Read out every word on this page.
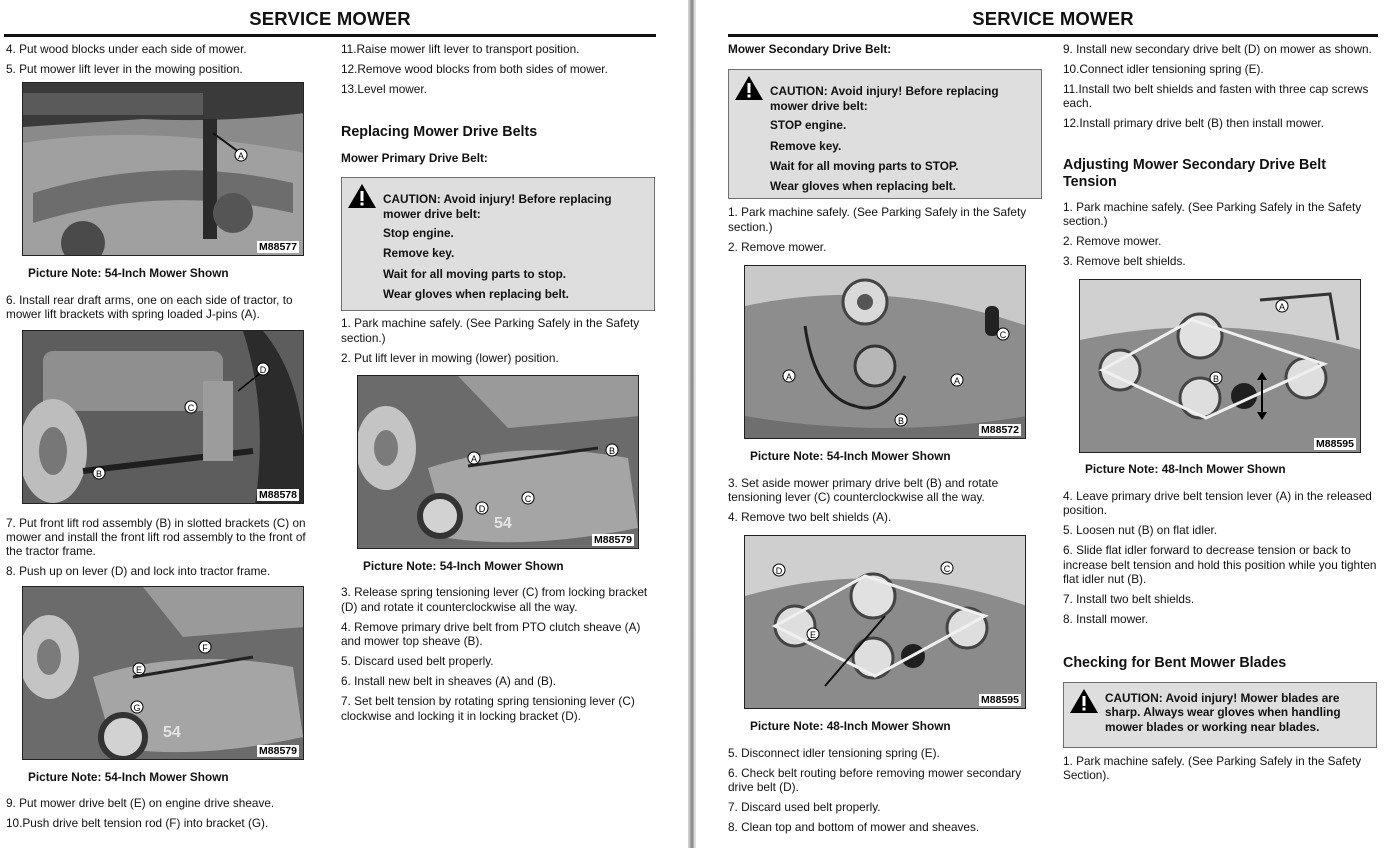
SERVICE MOWER

4. Put wood blocks under each side of mower.

5. Put mower lift lever in the mowing position.

A
M88577

Picture Note: 54-Inch Mower Shown

6. Install rear draft arms, one on each side of tractor, to mower lift brackets with spring loaded J-pins (A).

D
C
B
M88578

7. Put front lift rod assembly (B) in slotted brackets (C) on mower and install the front lift rod assembly to the front of the tractor frame.

8. Push up on lever (D) and lock into tractor frame.

54
F
E
G
M88579

Picture Note: 54-Inch Mower Shown

9. Put mower drive belt (E) on engine drive sheave.

10.Push drive belt tension rod (F) into bracket (G).

11.Raise mower lift lever to transport position.

12.Remove wood blocks from both sides of mower.

13.Level mower.

Replacing Mower Drive Belts

Mower Primary Drive Belt:

CAUTION: Avoid injury! Before replacing mower drive belt:

Stop engine.

Remove key.

Wait for all moving parts to stop.

Wear gloves when replacing belt.

1. Park machine safely. (See Parking Safely in the Safety section.)

2. Put lift lever in mowing (lower) position.

54
A
B
C
D
M88579

Picture Note: 54-Inch Mower Shown

3. Release spring tensioning lever (C) from locking bracket (D) and rotate it counterclockwise all the way.

4. Remove primary drive belt from PTO clutch sheave (A) and mower top sheave (B).

5. Discard used belt properly.

6. Install new belt in sheaves (A) and (B).

7. Set belt tension by rotating spring tensioning lever (C) clockwise and locking it in locking bracket (D).

SERVICE MOWER

Mower Secondary Drive Belt:

CAUTION: Avoid injury! Before replacing mower drive belt:

STOP engine.

Remove key.

Wait for all moving parts to STOP.

Wear gloves when replacing belt.

1. Park machine safely. (See Parking Safely in the Safety section.)

2. Remove mower.

A	A
C
B
M88572

Picture Note: 54-Inch Mower Shown

3. Set aside mower primary drive belt (B) and rotate tensioning lever (C) counterclockwise all the way.

4. Remove two belt shields (A).

D
E
C
M88595

Picture Note: 48-Inch Mower Shown

5. Disconnect idler tensioning spring (E).

6. Check belt routing before removing mower secondary drive belt (D).

7. Discard used belt properly.

8. Clean top and bottom of mower and sheaves.

9. Install new secondary drive belt (D) on mower as shown.

10.Connect idler tensioning spring (E).

11.Install two belt shields and fasten with three cap screws each.

12.Install primary drive belt (B) then install mower.

Adjusting Mower Secondary Drive Belt Tension

1. Park machine safely. (See Parking Safely in the Safety section.)

2. Remove mower.

3. Remove belt shields.

A
B
M88595

Picture Note: 48-Inch Mower Shown

4. Leave primary drive belt tension lever (A) in the released position.

5. Loosen nut (B) on flat idler.

6. Slide flat idler forward to decrease tension or back to increase belt tension and hold this position while you tighten flat idler nut (B).

7. Install two belt shields.

8. Install mower.

Checking for Bent Mower Blades

CAUTION: Avoid injury! Mower blades are sharp. Always wear gloves when handling mower blades or working near blades.

1. Park machine safely. (See Parking Safely in the Safety Section).
